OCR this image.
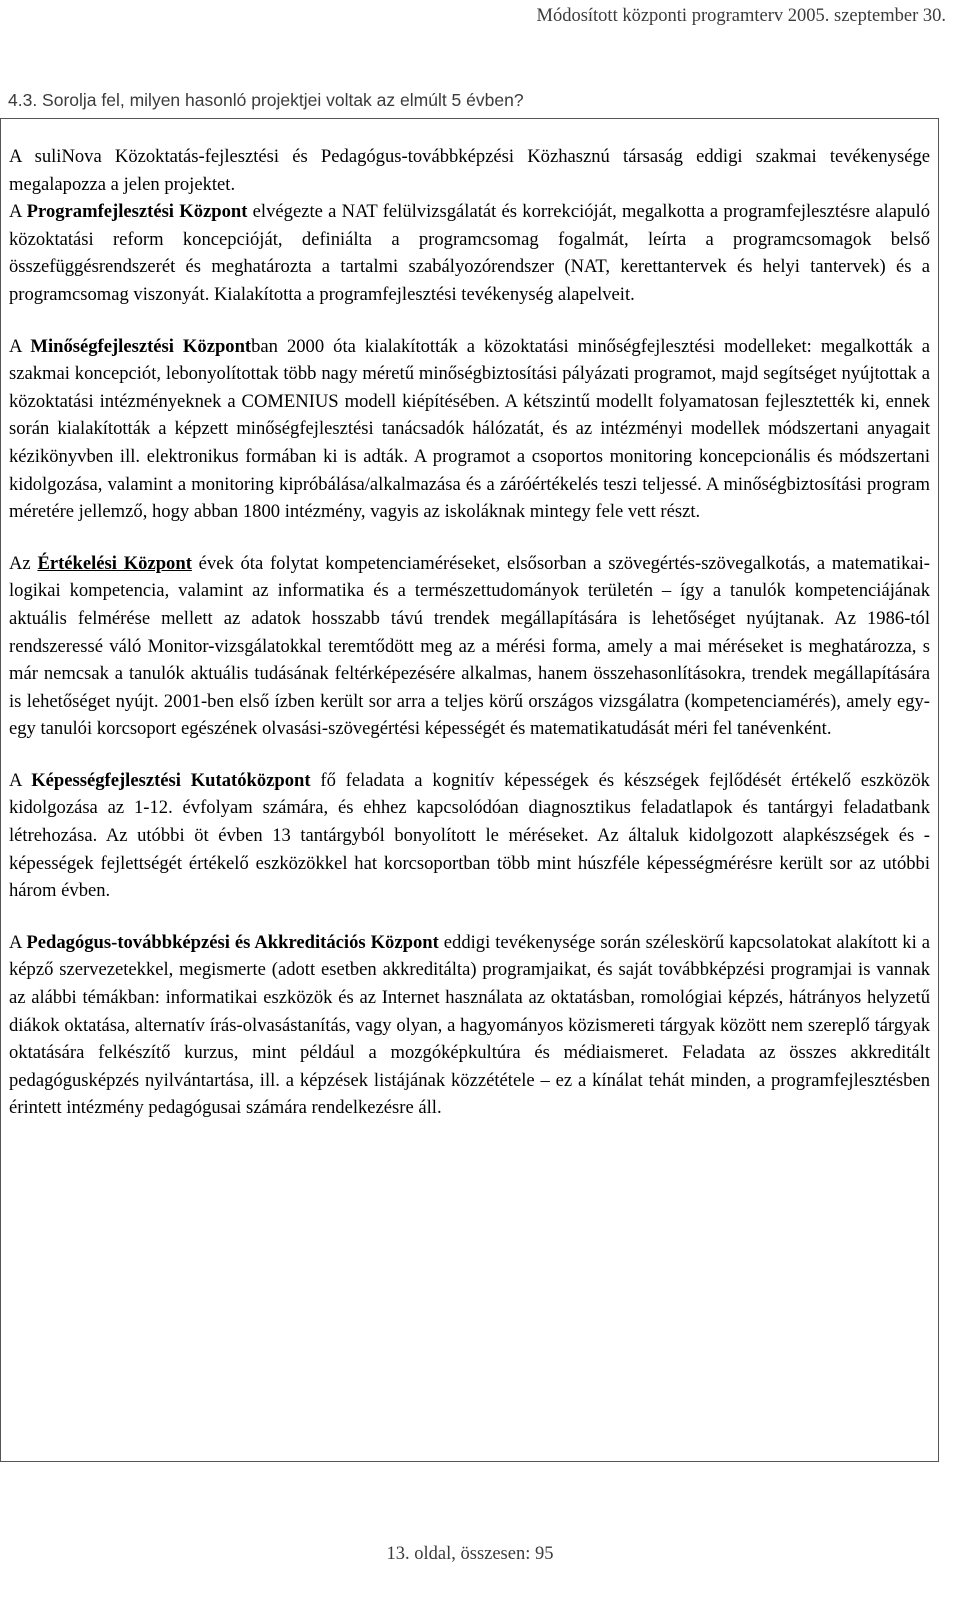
Módosított központi programterv 2005. szeptember 30.
4.3. Sorolja fel, milyen hasonló projektjei voltak az elmúlt 5 évben?

A suliNova Közoktatás-fejlesztési és Pedagógus-továbbképzési Közhasznú társaság eddigi szakmai tevékenysége megalapozza a jelen projektet.

A Programfejlesztési Központ elvégezte a NAT felülvizsgálatát és korrekcióját, megalkotta a programfejlesztésre alapuló közoktatási reform koncepcióját, definiálta a programcsomag fogalmát, leírta a programcsomagok belső összefüggésrendszerét és meghatározta a tartalmi szabályozórendszer (NAT, kerettantervek és helyi tantervek) és a programcsomag viszonyát. Kialakította a programfejlesztési tevékenység alapelveit.

A Minőségfejlesztési Központban 2000 óta kialakították a közoktatási minőségfejlesztési modelleket: megalkották a szakmai koncepciót, lebonyolítottak több nagy méretű minőségbiztosítási pályázati programot, majd segítséget nyújtottak a közoktatási intézményeknek a COMENIUS modell kiépítésében. A kétszintű modellt folyamatosan fejlesztették ki, ennek során kialakították a képzett minőségfejlesztési tanácsadók hálózatát, és az intézményi modellek módszertani anyagait kézikönyvben ill. elektronikus formában ki is adták. A programot a csoportos monitoring koncepcionális és módszertani kidolgozása, valamint a monitoring kipróbálása/alkalmazása és a záróértékelés teszi teljessé. A minőségbiztosítási program méretére jellemző, hogy abban 1800 intézmény, vagyis az iskoláknak mintegy fele vett részt.

Az Értékelési Központ évek óta folytat kompetenciaméréseket, elsősorban a szövegértés-szövegalkotás, a matematikai-logikai kompetencia, valamint az informatika és a természettudományok területén – így a tanulók kompetenciájának aktuális felmérése mellett az adatok hosszabb távú trendek megállapítására is lehetőséget nyújtanak. Az 1986-tól rendszeressé váló Monitor-vizsgálatokkal teremtődött meg az a mérési forma, amely a mai méréseket is meghatározza, s már nemcsak a tanulók aktuális tudásának feltérképezésére alkalmas, hanem összehasonlításokra, trendek megállapítására is lehetőséget nyújt. 2001-ben első ízben került sor arra a teljes körű országos vizsgálatra (kompetenciamérés), amely egy-egy tanulói korcsoport egészének olvasási-szövegértési képességét és matematikatudását méri fel tanévenként.

A Képességfejlesztési Kutatóközpont fő feladata a kognitív képességek és készségek fejlődését értékelő eszközök kidolgozása az 1-12. évfolyam számára, és ehhez kapcsolódóan diagnosztikus feladatlapok és tantárgyi feladatbank létrehozása. Az utóbbi öt évben 13 tantárgyból bonyolított le méréseket. Az általuk kidolgozott alapkészségek és -képességek fejlettségét értékelő eszközökkel hat korcsoportban több mint húszféle képességmérésre került sor az utóbbi három évben.

A Pedagógus-továbbképzési és Akkreditációs Központ eddigi tevékenysége során széleskörű kapcsolatokat alakított ki a képző szervezetekkel, megismerte (adott esetben akkreditálta) programjaikat, és saját továbbképzési programjai is vannak az alábbi témákban: informatikai eszközök és az Internet használata az oktatásban, romológiai képzés, hátrányos helyzetű diákok oktatása, alternatív írás-olvasástanítás, vagy olyan, a hagyományos közismereti tárgyak között nem szereplő tárgyak oktatására felkészítő kurzus, mint például a mozgóképkultúra és médiaismeret. Feladata az összes akkreditált pedagógusképzés nyilvántartása, ill. a képzések listájának közzététele – ez a kínálat tehát minden, a programfejlesztésben érintett intézmény pedagógusai számára rendelkezésre áll.

13. oldal, összesen: 95
